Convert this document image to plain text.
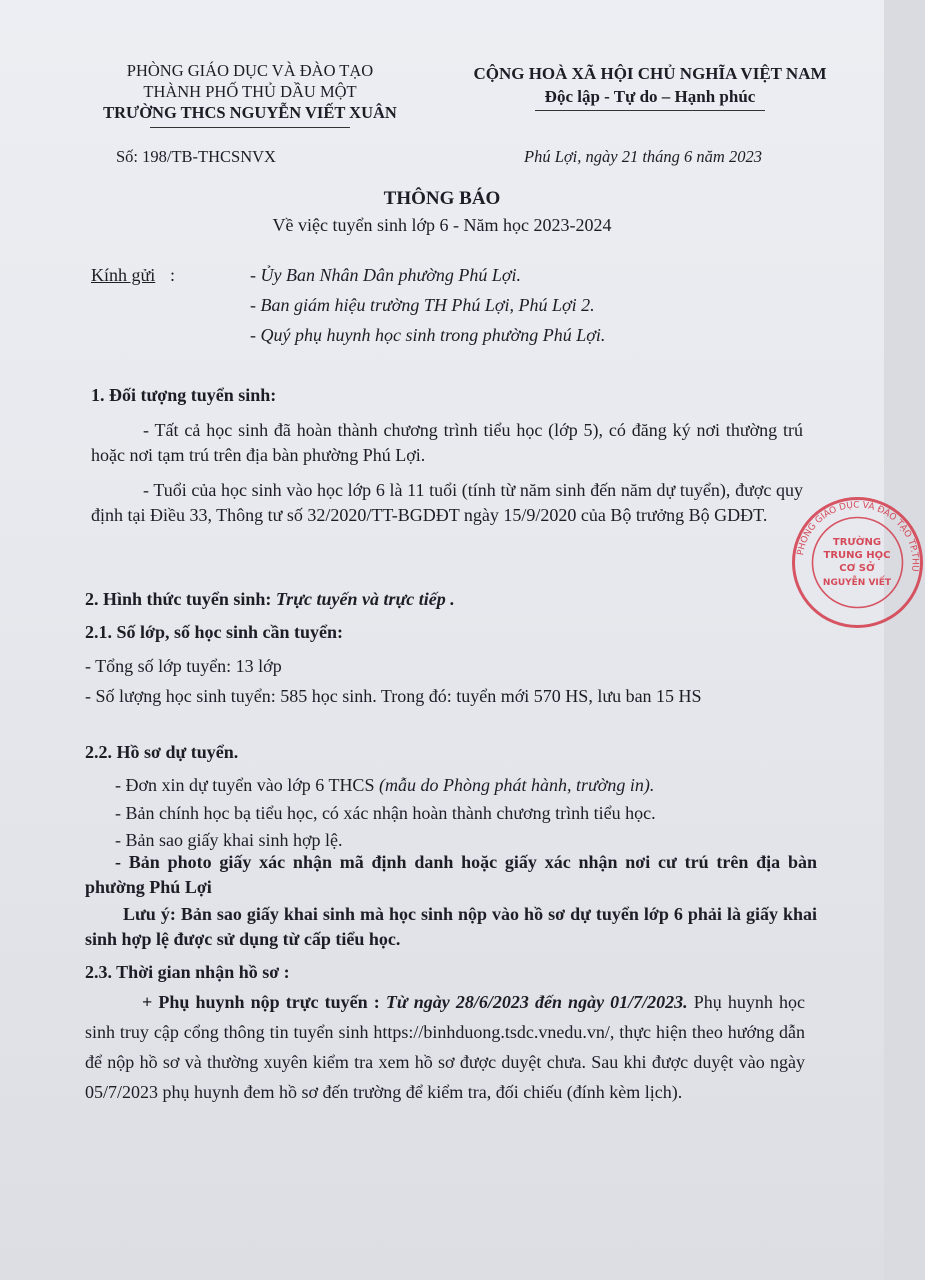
PHÒNG GIÁO DỤC VÀ ĐÀO TẠO
THÀNH PHỐ THỦ DẦU MỘT
TRƯỜNG THCS NGUYỄN VIẾT XUÂN
CỘNG HOÀ XÃ HỘI CHỦ NGHĨA VIỆT NAM
Độc lập - Tự do – Hạnh phúc
Số: 198/TB-THCSNVX	Phú Lợi, ngày 21 tháng 6 năm 2023
THÔNG BÁO
Về việc tuyển sinh lớp 6 - Năm học 2023-2024
Kính gửi :	- Ủy Ban Nhân Dân phường Phú Lợi.
- Ban giám hiệu trường TH Phú Lợi, Phú Lợi 2.
- Quý phụ huynh học sinh trong phường Phú Lợi.
1. Đối tượng tuyển sinh:
- Tất cả học sinh đã hoàn thành chương trình tiểu học (lớp 5), có đăng ký nơi thường trú hoặc nơi tạm trú trên địa bàn phường Phú Lợi.
- Tuổi của học sinh vào học lớp 6 là 11 tuổi (tính từ năm sinh đến năm dự tuyển), được quy định tại Điều 33, Thông tư số 32/2020/TT-BGDĐT ngày 15/9/2020 của Bộ trưởng Bộ GDĐT.
2. Hình thức tuyển sinh: Trực tuyến và trực tiếp .
2.1. Số lớp, số học sinh cần tuyển:
- Tổng số lớp tuyển: 13 lớp
- Số lượng học sinh tuyển: 585 học sinh. Trong đó: tuyển mới 570 HS, lưu ban 15 HS
2.2. Hồ sơ dự tuyển.
- Đơn xin dự tuyển vào lớp 6 THCS (mẫu do Phòng phát hành, trường in).
- Bản chính học bạ tiểu học, có xác nhận hoàn thành chương trình tiểu học.
- Bản sao giấy khai sinh hợp lệ.
- Bản photo giấy xác nhận mã định danh hoặc giấy xác nhận nơi cư trú trên địa bàn phường Phú Lợi
Lưu ý: Bản sao giấy khai sinh mà học sinh nộp vào hồ sơ dự tuyển lớp 6 phải là giấy khai sinh hợp lệ được sử dụng từ cấp tiểu học.
2.3. Thời gian nhận hồ sơ :
+ Phụ huynh nộp trực tuyến : Từ ngày 28/6/2023 đến ngày 01/7/2023. Phụ huynh học sinh truy cập cổng thông tin tuyển sinh https://binhduong.tsdc.vnedu.vn/, thực hiện theo hướng dẫn để nộp hồ sơ và thường xuyên kiểm tra xem hồ sơ được duyệt chưa. Sau khi được duyệt vào ngày 05/7/2023 phụ huynh đem hồ sơ đến trường để kiểm tra, đối chiếu (đính kèm lịch).
PHÒNG GIÁO DỤC VÀ ĐÀO TẠO TP.THỦ
TRƯỜNG
TRUNG HỌC
CƠ SỞ
NGUYỄN VIẾT
